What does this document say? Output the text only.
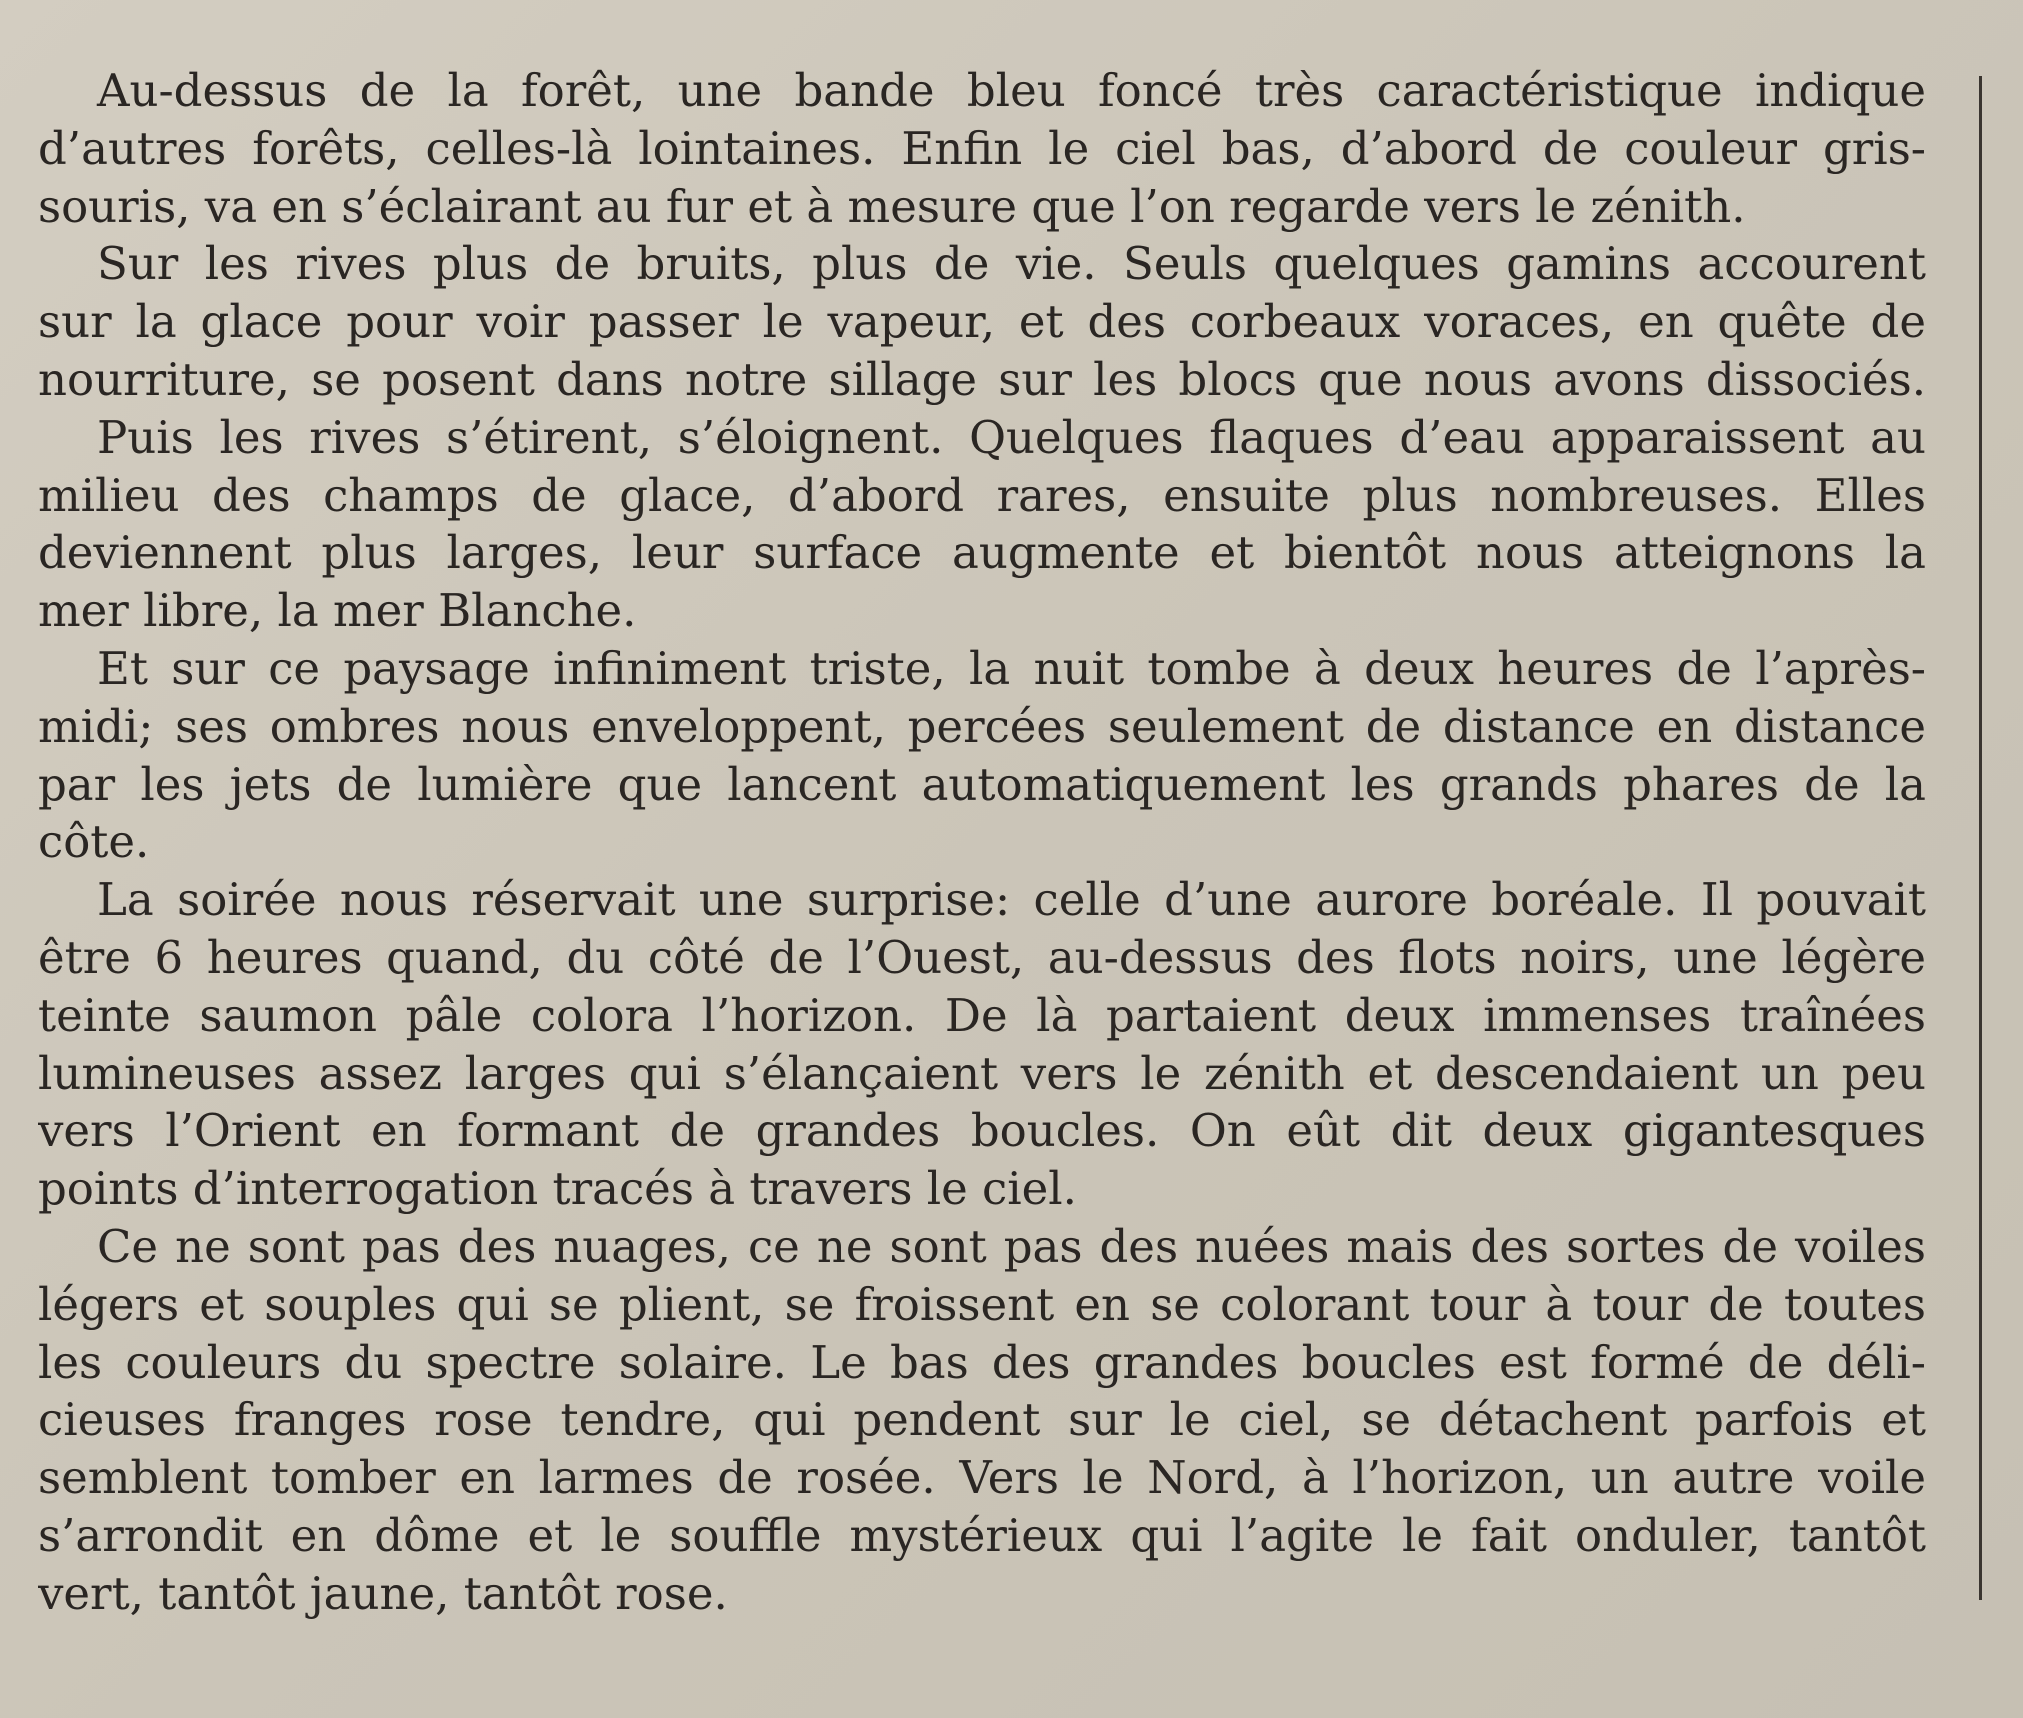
Au-dessus de la forêt, une bande bleu foncé très caractéristique indique
d’autres forêts, celles-là lointaines. Enfin le ciel bas, d’abord de couleur gris-
souris, va en s’éclairant au fur et à mesure que l’on regarde vers le zénith.
Sur les rives plus de bruits, plus de vie. Seuls quelques gamins accourent
sur la glace pour voir passer le vapeur, et des corbeaux voraces, en quête de
nourriture, se posent dans notre sillage sur les blocs que nous avons dissociés.
Puis les rives s’étirent, s’éloignent. Quelques flaques d’eau apparaissent au
milieu des champs de glace, d’abord rares, ensuite plus nombreuses. Elles
deviennent plus larges, leur surface augmente et bientôt nous atteignons la
mer libre, la mer Blanche.
Et sur ce paysage infiniment triste, la nuit tombe à deux heures de l’après-
midi; ses ombres nous enveloppent, percées seulement de distance en distance
par les jets de lumière que lancent automatiquement les grands phares de la
côte.
La soirée nous réservait une surprise: celle d’une aurore boréale. Il pouvait
être 6 heures quand, du côté de l’Ouest, au-dessus des flots noirs, une légère
teinte saumon pâle colora l’horizon. De là partaient deux immenses traînées
lumineuses assez larges qui s’élançaient vers le zénith et descendaient un peu
vers l’Orient en formant de grandes boucles. On eût dit deux gigantesques
points d’interrogation tracés à travers le ciel.
Ce ne sont pas des nuages, ce ne sont pas des nuées mais des sortes de voiles
légers et souples qui se plient, se froissent en se colorant tour à tour de toutes
les couleurs du spectre solaire. Le bas des grandes boucles est formé de déli-
cieuses franges rose tendre, qui pendent sur le ciel, se détachent parfois et
semblent tomber en larmes de rosée. Vers le Nord, à l’horizon, un autre voile
s’arrondit en dôme et le souffle mystérieux qui l’agite le fait onduler, tantôt
vert, tantôt jaune, tantôt rose.
